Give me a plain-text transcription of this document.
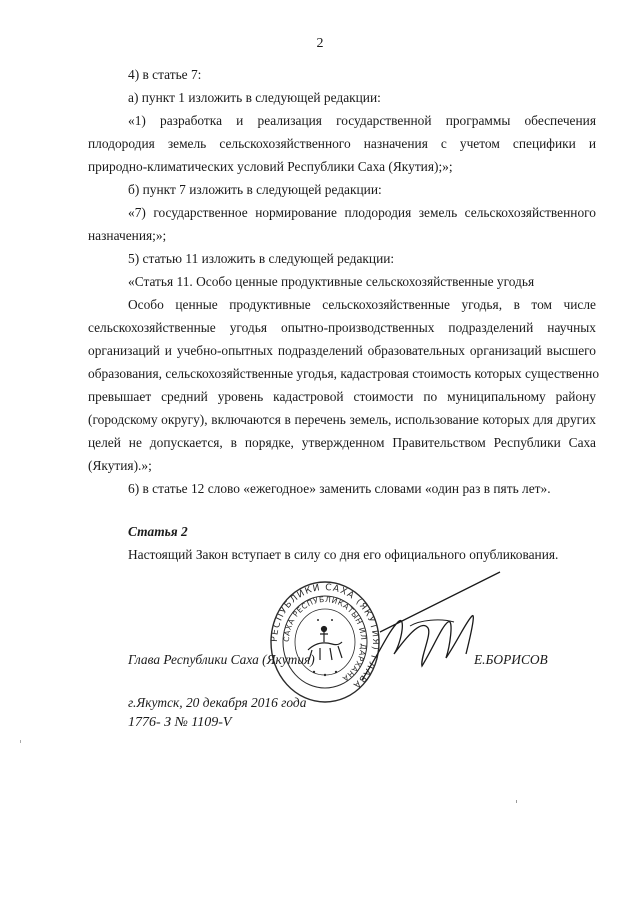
2
4) в статье 7:
а) пункт 1 изложить в следующей редакции:
«1) разработка и реализация государственной программы обеспечения
плодородия земель сельскохозяйственного назначения с учетом специфики и
природно-климатических условий Республики Саха (Якутия);»;
б) пункт 7 изложить в следующей редакции:
«7) государственное нормирование плодородия земель сельскохозяйственного
назначения;»;
5) статью 11 изложить в следующей редакции:
«Статья 11. Особо ценные продуктивные сельскохозяйственные угодья
Особо ценные продуктивные сельскохозяйственные угодья, в том числе
сельскохозяйственные угодья опытно-производственных подразделений научных
организаций и учебно-опытных подразделений образовательных организаций высшего
образования, сельскохозяйственные угодья, кадастровая стоимость которых существенно
превышает средний уровень кадастровой стоимости по муниципальному району
(городскому округу), включаются в перечень земель, использование которых для других
целей не допускается, в порядке, утвержденном Правительством Республики Саха
(Якутия).»;
6) в статье 12 слово «ежегодное» заменить словами «один раз в пять лет».
Статья 2
Настоящий Закон вступает в силу со дня его официального опубликования.
РЕСПУБЛИКИ САХА (ЯКУТИЯ) ГЛАВА
САХА РЕСПУБЛИКАТЫН ИЛ ДАРХАНА
Глава Республики Саха (Якутия)	Е.БОРИСОВ
г.Якутск, 20 декабря 2016 года
1776- З № 1109-V
